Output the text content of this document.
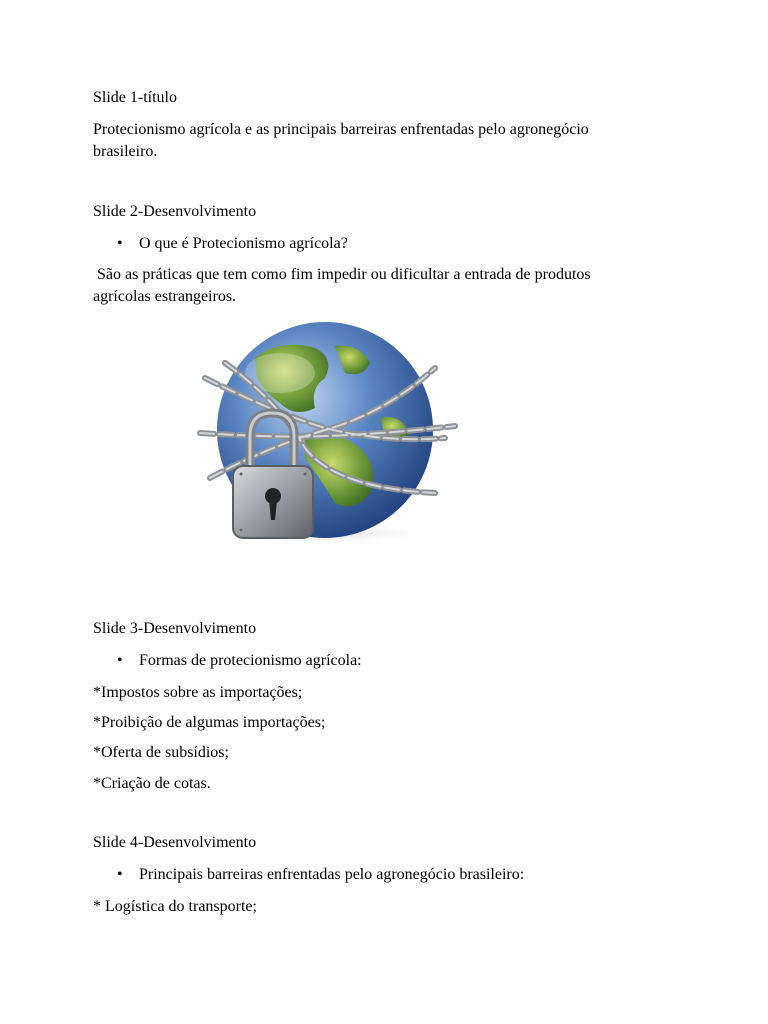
Slide 1-título
Protecionismo agrícola e as principais barreiras enfrentadas pelo agronegócio
brasileiro.
Slide 2-Desenvolvimento
• O que é Protecionismo agrícola?
São as práticas que tem como fim impedir ou dificultar a entrada de produtos
agrícolas estrangeiros.
Slide 3-Desenvolvimento
• Formas de protecionismo agrícola:
*Impostos sobre as importações;
*Proibição de algumas importações;
*Oferta de subsídios;
*Criação de cotas.
Slide 4-Desenvolvimento
• Principais barreiras enfrentadas pelo agronegócio brasileiro:
* Logística do transporte;
